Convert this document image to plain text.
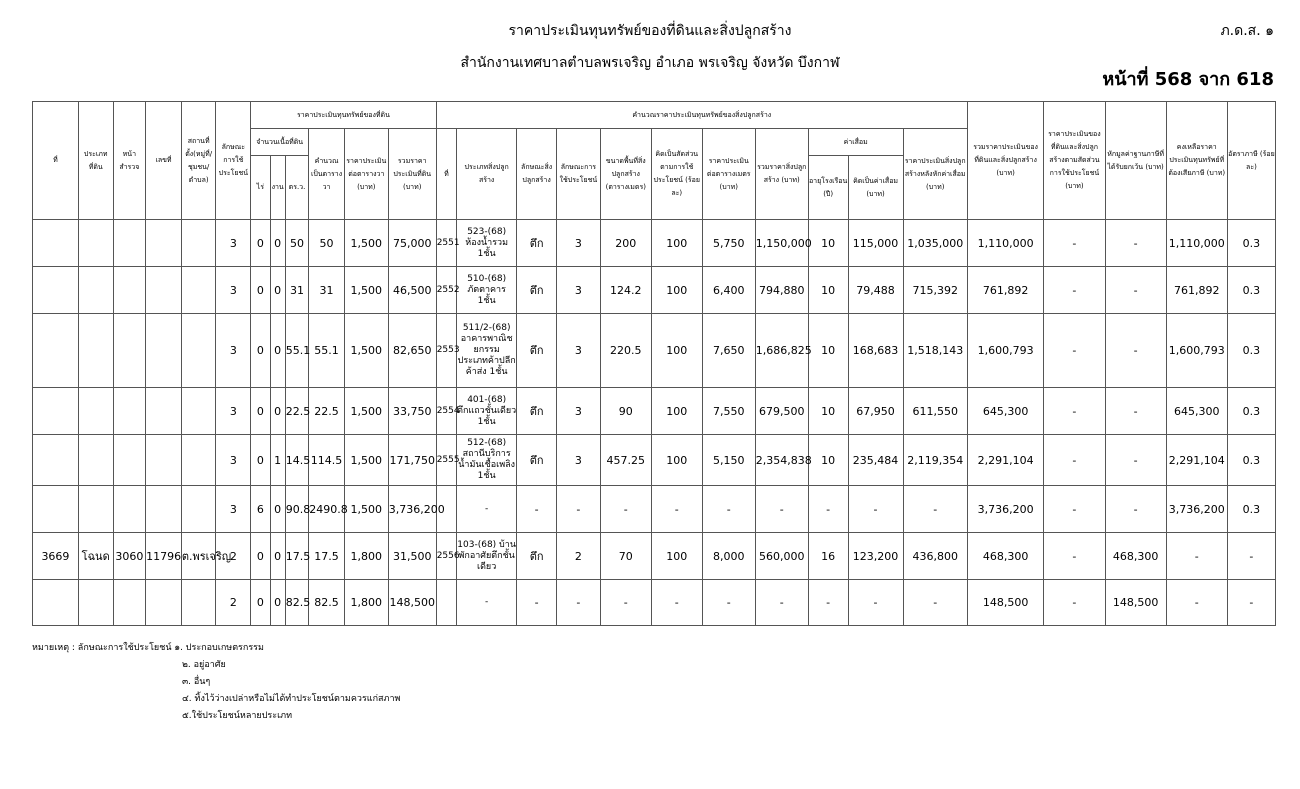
ราคาประเมินทุนทรัพย์ของที่ดินและสิ่งปลูกสร้าง
สำนักงานเทศบาลตำบลพรเจริญ อำเภอ พรเจริญ จังหวัด บึงกาฬ
ภ.ด.ส. ๑
หน้าที่ 568 จาก 618
ที่	ประเภทที่ดิน	หน้าสำรวจ	เลขที่	สถานที่ตั้ง(หมู่ที่/ชุมชน/ตำบล)	ลักษณะการใช้ประโยชน์	ราคาประเมินทุนทรัพย์ของที่ดิน						คำนวณราคาประเมินทุนทรัพย์ของสิ่งปลูกสร้าง											รวมราคาประเมินของที่ดินและสิ่งปลูกสร้าง (บาท)	ราคาประเมินของที่ดินและสิ่งปลูกสร้างตามสัดส่วนการใช้ประโยชน์ (บาท)	หักมูลค่าฐานภาษีที่ได้รับยกเว้น (บาท)	คงเหลือราคาประเมินทุนทรัพย์ที่ต้องเสียภาษี (บาท)	อัตราภาษี (ร้อยละ)
						จำนวนเนื้อที่ดิน			คำนวณเป็นตารางวา	ราคาประเมินต่อตารางวา (บาท)	รวมราคาประเมินที่ดิน (บาท)	ที่	ประเภทสิ่งปลูกสร้าง	ลักษณะสิ่งปลูกสร้าง	ลักษณะการใช้ประโยชน์	ขนาดพื้นที่สิ่งปลูกสร้าง (ตารางเมตร)	คิดเป็นสัดส่วนตามการใช้ประโยชน์ (ร้อยละ)	ราคาประเมินต่อตารางเมตร (บาท)	รวมราคาสิ่งปลูกสร้าง (บาท)	ค่าเสื่อม		ราคาประเมินสิ่งปลูกสร้างหลังหักค่าเสื่อม (บาท)					
						ไร่	งาน	ตร.ว.												อายุโรงเรือน (ปี)	คิดเป็นค่าเสื่อม (บาท)						
					3	0	0	50	50	1,500	75,000	2551	523-(68) ห้องน้ำรวม 1ชั้น	ตึก	3	200	100	5,750	1,150,000	10	115,000	1,035,000	1,110,000	-	-	1,110,000	0.3
					3	0	0	31	31	1,500	46,500	2552	510-(68) ภัตตาคาร 1ชั้น	ตึก	3	124.2	100	6,400	794,880	10	79,488	715,392	761,892	-	-	761,892	0.3
					3	0	0	55.1	55.1	1,500	82,650	2553	511/2-(68) อาคารพาณิชยกรรม ประเภทค้าปลีกค้าส่ง 1ชั้น	ตึก	3	220.5	100	7,650	1,686,825	10	168,683	1,518,143	1,600,793	-	-	1,600,793	0.3
					3	0	0	22.5	22.5	1,500	33,750	2554	401-(68) ตึกแถวชั้นเดียว 1ชั้น	ตึก	3	90	100	7,550	679,500	10	67,950	611,550	645,300	-	-	645,300	0.3
					3	0	1	14.5	114.5	1,500	171,750	2555	512-(68) สถานีบริการน้ำมันเชื้อเพลิง 1ชั้น	ตึก	3	457.25	100	5,150	2,354,838	10	235,484	2,119,354	2,291,104	-	-	2,291,104	0.3
					3	6	0	90.8	2490.8	1,500	3,736,200		-	-	-	-	-	-	-	-	-	-	3,736,200	-	-	3,736,200	0.3
3669	โฉนด	3060	11796	ต.พรเจริญ	2	0	0	17.5	17.5	1,800	31,500	2556	103-(68) บ้านพักอาศัยตึกชั้นเดียว	ตึก	2	70	100	8,000	560,000	16	123,200	436,800	468,300	-	468,300	-	-
					2	0	0	82.5	82.5	1,800	148,500		-	-	-	-	-	-	-	-	-	-	148,500	-	148,500	-	-
หมายเหตุ : ลักษณะการใช้ประโยชน์ ๑. ประกอบเกษตรกรรม
๒. อยู่อาศัย
๓. อื่นๆ
๔. ทิ้งไว้ว่างเปล่าหรือไม่ได้ทำประโยชน์ตามควรแก่สภาพ
๕.ใช้ประโยชน์หลายประเภท
